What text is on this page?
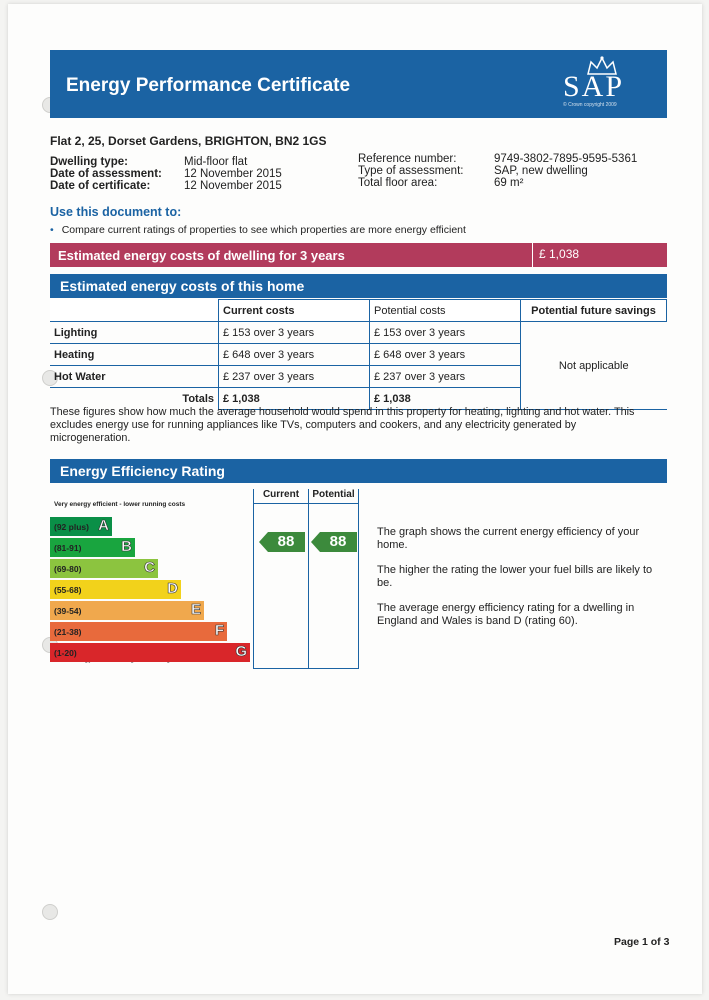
Energy Performance Certificate	SAP
© Crown copyright 2009
Flat 2, 25, Dorset Gardens, BRIGHTON, BN2 1GS
Dwelling type:	Mid-floor flat
Date of assessment: 12 November 2015
Date of certificate:	12 November 2015
Reference number:	9749-3802-7895-9595-5361
Type of assessment:	SAP, new dwelling
Total floor area:	69 m²
Use this document to:
• Compare current ratings of properties to see which properties are more energy efficient
Estimated energy costs of dwelling for 3 years	£ 1,038
Estimated energy costs of this home
	Current costs	Potential costs	Potential future savings
Lighting	£ 153 over 3 years	£ 153 over 3 years	Not applicable
Heating	£ 648 over 3 years	£ 648 over 3 years	
Hot Water	£ 237 over 3 years	£ 237 over 3 years	
Totals	£ 1,038	£ 1,038	
These figures show how much the average household would spend in this property for heating, lighting and hot water. This excludes energy use for running appliances like TVs, computers and cookers, and any electricity generated by microgeneration.
Energy Efficiency Rating
Very energy efficient - lower running costs
(92 plus) A
(81-91)	B
(69-80)	C
(55-68)	D
(39-54)	E
(21-38)	F
(1-20)	G
Current	Potential
88	88
The graph shows the current energy efficiency of your home.
The higher the rating the lower your fuel bills are likely to be.
The average energy efficiency rating for a dwelling in England and Wales is band D (rating 60).
Page 1 of 3
